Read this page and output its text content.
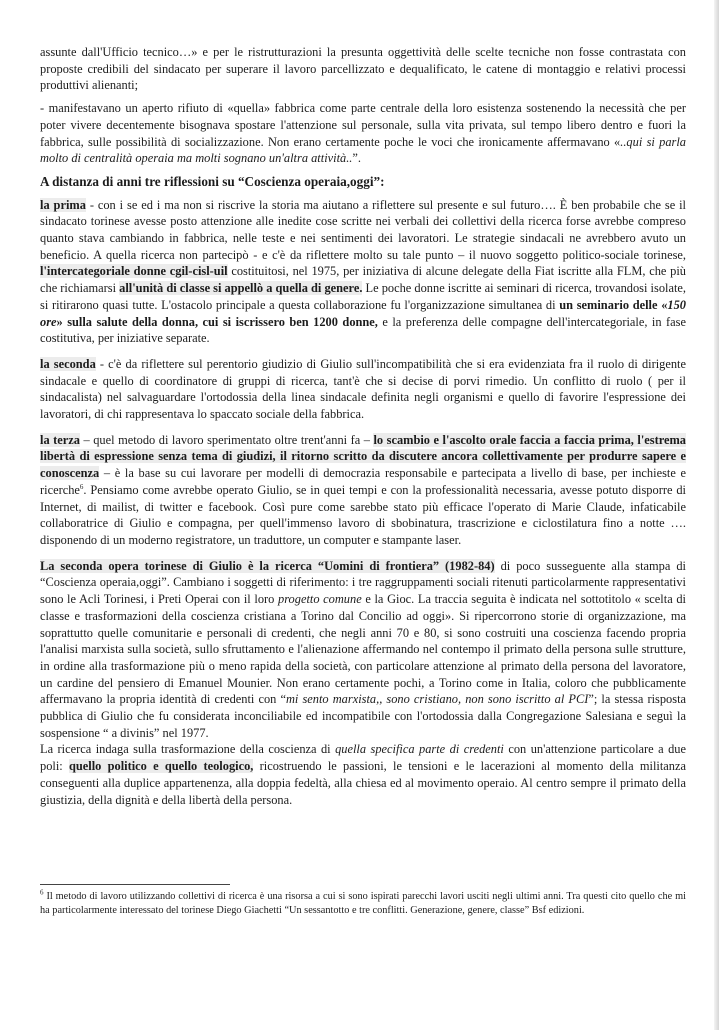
assunte dall'Ufficio tecnico…» e per le ristrutturazioni la presunta oggettività delle scelte tecniche non fosse contrastata con proposte credibili del sindacato per superare il lavoro parcellizzato e dequalificato, le catene di montaggio e relativi processi produttivi alienanti;

- manifestavano un aperto rifiuto di «quella» fabbrica come parte centrale della loro esistenza sostenendo la necessità che per poter vivere decentemente bisognava spostare l'attenzione sul personale, sulla vita privata, sul tempo libero dentro e fuori la fabbrica, sulle possibilità di socializzazione. Non erano certamente poche le voci che ironicamente affermavano «..qui si parla molto di centralità operaia ma molti sognano un'altra attività..”.

A distanza di anni tre riflessioni su “Coscienza operaia,oggi”:

la prima - con i se ed i ma non si riscrive la storia ma aiutano a riflettere sul presente e sul futuro…. È ben probabile che se il sindacato torinese avesse posto attenzione alle inedite cose scritte nei verbali dei collettivi della ricerca forse avrebbe compreso quanto stava cambiando in fabbrica, nelle teste e nei sentimenti dei lavoratori. Le strategie sindacali ne avrebbero avuto un beneficio. A quella ricerca non partecipò - e c'è da riflettere molto su tale punto – il nuovo soggetto politico-sociale torinese, l'intercategoriale donne cgil-cisl-uil costituitosi, nel 1975, per iniziativa di alcune delegate della Fiat iscritte alla FLM, che più che richiamarsi all'unità di classe si appellò a quella di genere. Le poche donne iscritte ai seminari di ricerca, trovandosi isolate, si ritirarono quasi tutte. L'ostacolo principale a questa collaborazione fu l'organizzazione simultanea di un seminario delle «150 ore» sulla salute della donna, cui si iscrissero ben 1200 donne, e la preferenza delle compagne dell'intercategoriale, in fase costitutiva, per iniziative separate.

la seconda - c'è da riflettere sul perentorio giudizio di Giulio sull'incompatibilità che si era evidenziata fra il ruolo di dirigente sindacale e quello di coordinatore di gruppi di ricerca, tant'è che si decise di porvi rimedio. Un conflitto di ruolo ( per il sindacalista) nel salvaguardare l'ortodossia della linea sindacale definita negli organismi e quello di favorire l'espressione dei lavoratori, di chi rappresentava lo spaccato sociale della fabbrica.

la terza – quel metodo di lavoro sperimentato oltre trent'anni fa – lo scambio e l'ascolto orale faccia a faccia prima, l'estrema libertà di espressione senza tema di giudizi, il ritorno scritto da discutere ancora collettivamente per produrre sapere e conoscenza – è la base su cui lavorare per modelli di democrazia responsabile e partecipata a livello di base, per inchieste e ricerche$^6$. Pensiamo come avrebbe operato Giulio, se in quei tempi e con la professionalità necessaria, avesse potuto disporre di Internet, di mailist, di twitter e facebook. Così pure come sarebbe stato più efficace l'operato di Marie Claude, infaticabile collaboratrice di Giulio e compagna, per quell'immenso lavoro di sbobinatura, trascrizione e ciclostilatura fino a notte …. disponendo di un moderno registratore, un traduttore, un computer e stampante laser.

La seconda opera torinese di Giulio è la ricerca “Uomini di frontiera” (1982-84) di poco susseguente alla stampa di “Coscienza operaia,oggi”. Cambiano i soggetti di riferimento: i tre raggruppamenti sociali ritenuti particolarmente rappresentativi sono le Acli Torinesi, i Preti Operai con il loro progetto comune e la Gioc. La traccia seguita è indicata nel sottotitolo « scelta di classe e trasformazioni della coscienza cristiana a Torino dal Concilio ad oggi». Si ripercorrono storie di organizzazione, ma soprattutto quelle comunitarie e personali di credenti, che negli anni 70 e 80, si sono costruiti una coscienza facendo propria l'analisi marxista sulla società, sullo sfruttamento e l'alienazione affermando nel contempo il primato della persona sulle strutture, in ordine alla trasformazione più o meno rapida della società, con particolare attenzione al primato della persona del lavoratore, un cardine del pensiero di Emanuel Mounier. Non erano certamente pochi, a Torino come in Italia, coloro che pubblicamente affermavano la propria identità di credenti con “mi sento marxista,, sono cristiano, non sono iscritto al PCI”; la stessa risposta pubblica di Giulio che fu considerata inconciliabile ed incompatibile con l'ortodossia dalla Congregazione Salesiana e seguì la sospensione “ a divinis” nel 1977.

La ricerca indaga sulla trasformazione della coscienza di quella specifica parte di credenti con un'attenzione particolare a due poli: quello politico e quello teologico, ricostruendo le passioni, le tensioni e le lacerazioni al momento della militanza conseguenti alla duplice appartenenza, alla doppia fedeltà, alla chiesa ed al movimento operaio. Al centro sempre il primato della giustizia, della dignità e della libertà della persona.

$^6$ Il metodo di lavoro utilizzando collettivi di ricerca è una risorsa a cui si sono ispirati parecchi lavori usciti negli ultimi anni. Tra questi cito quello che mi ha particolarmente interessato del torinese Diego Giachetti “Un sessantotto e tre conflitti. Generazione, genere, classe” Bsf edizioni.
